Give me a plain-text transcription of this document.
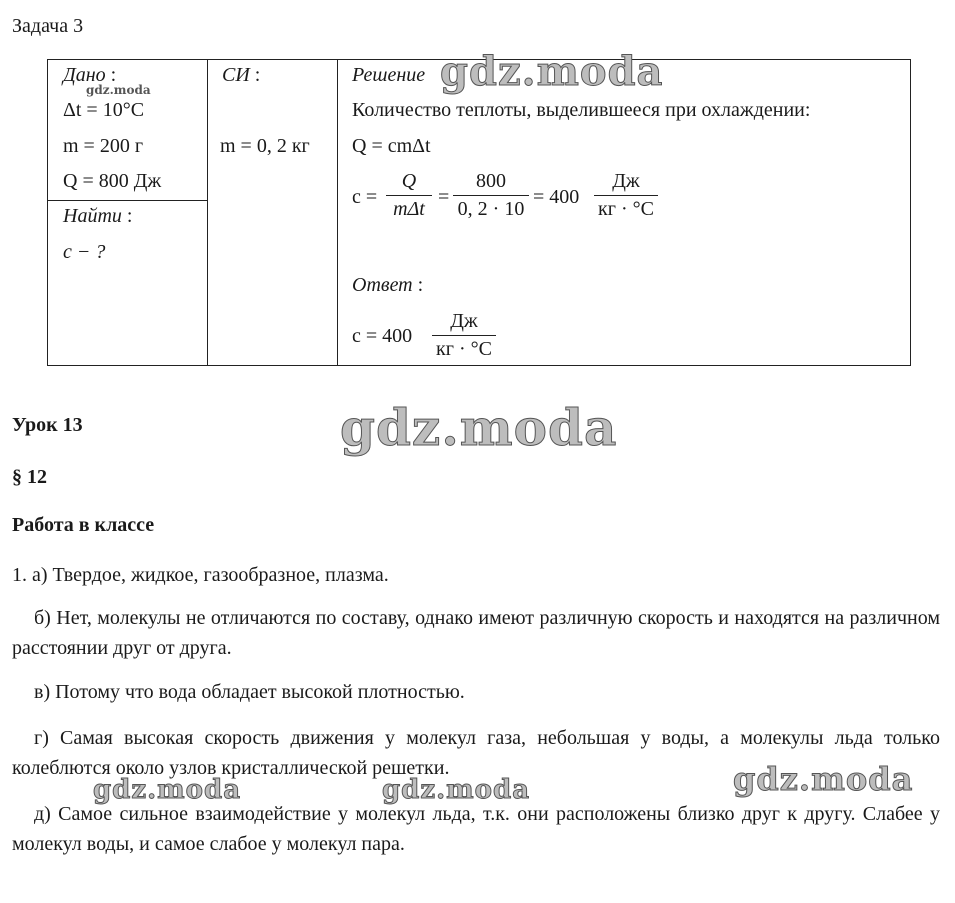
Задача 3
Дано :
gdz.moda
Δt = 10°C
m = 200 г
Q = 800 Дж
Найти :
c − ?
СИ :
m = 0, 2 кг
Решение
Количество теплоты, выделившееся при охлаждении:
Q = cmΔt
c =
Q
mΔt
=
800
0, 2 · 10
= 400
Дж
кг · °C
Ответ :
c = 400
Дж
кг · °C
gdz.moda
gdz.moda
gdz.moda
gdz.moda	gdz.moda
Урок 13
§ 12
Работа в классе
1. а) Твердое, жидкое, газообразное, плазма.
б) Нет, молекулы не отличаются по составу, однако имеют различную скорость и находятся на различном расстоянии друг от друга.
в) Потому что вода обладает высокой плотностью.
г) Самая высокая скорость движения у молекул газа, небольшая у воды, а молекулы льда только колеблются около узлов кристаллической решетки.
д) Самое сильное взаимодействие у молекул льда, т.к. они расположены близко друг к другу. Слабее у молекул воды, и самое слабое у молекул пара.
